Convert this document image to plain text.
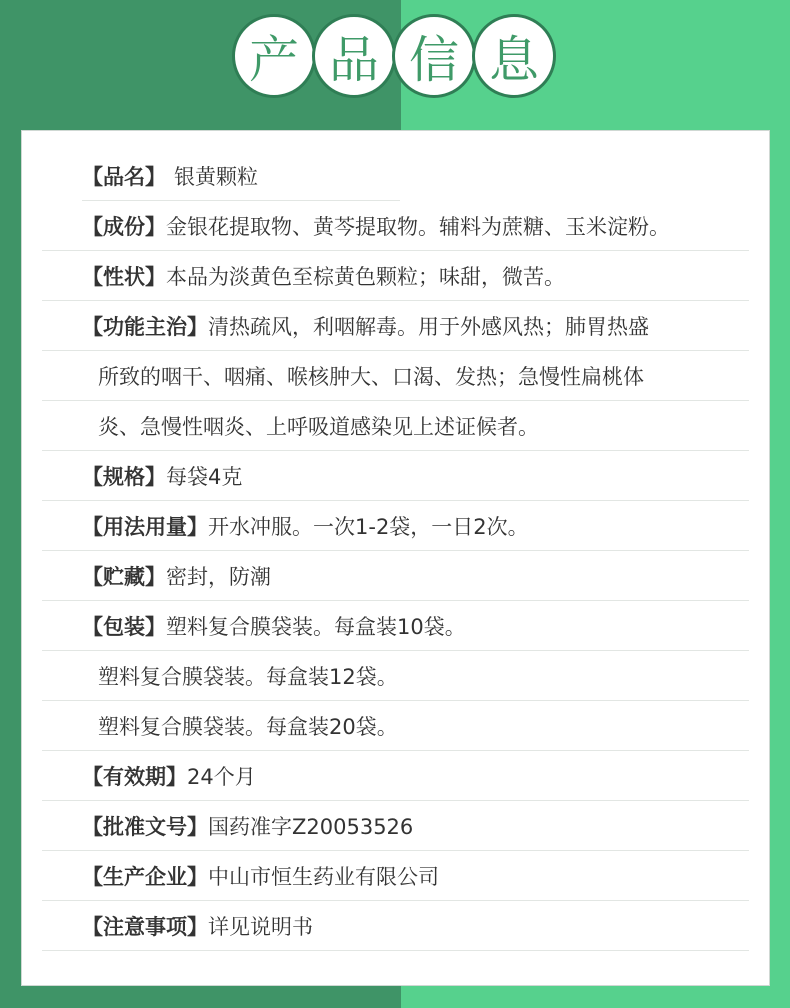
产 品 信 息
【品名】 银黄颗粒
【成份】 金银花提取物、黄芩提取物。辅料为蔗糖、玉米淀粉。
【性状】 本品为淡黄色至棕黄色颗粒；味甜，微苦。
【功能主治】 清热疏风，利咽解毒。用于外感风热；肺胃热盛
所致的咽干、咽痛、喉核肿大、口渴、发热；急慢性扁桃体
炎、急慢性咽炎、上呼吸道感染见上述证候者。
【规格】 每袋4克
【用法用量】 开水冲服。一次1-2袋，一日2次。
【贮藏】 密封，防潮
【包装】 塑料复合膜袋装。每盒装10袋。
塑料复合膜袋装。每盒装12袋。
塑料复合膜袋装。每盒装20袋。
【有效期】 24个月
【批准文号】 国药准字Z20053526
【生产企业】 中山市恒生药业有限公司
【注意事项】 详见说明书
